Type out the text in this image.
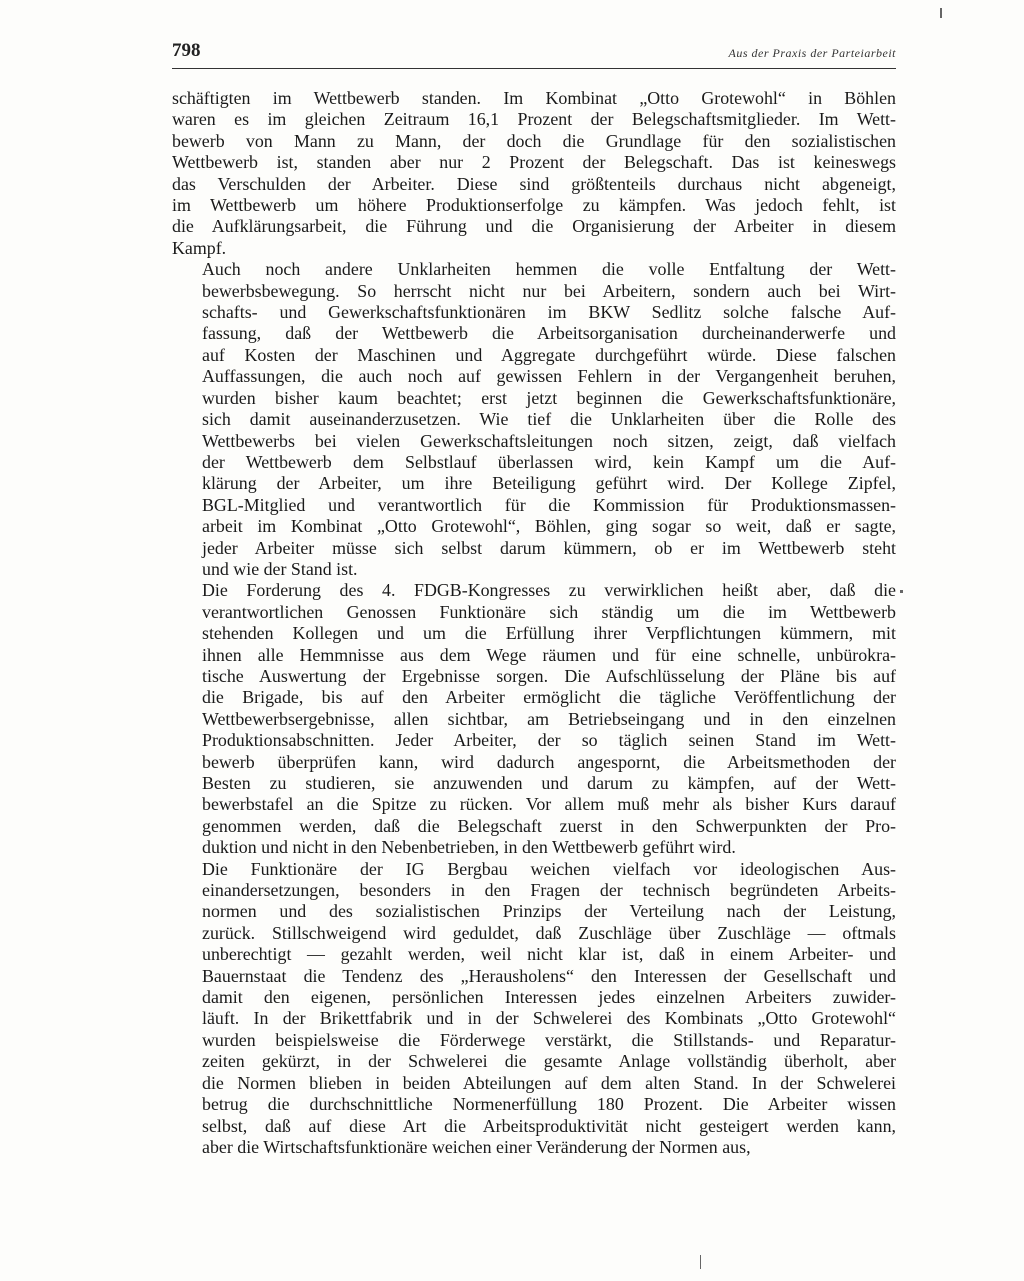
798	Aus der Praxis der Parteiarbeit

schäftigten im Wettbewerb standen. Im Kombinat „Otto Grotewohl“ in Böhlen
waren es im gleichen Zeitraum 16,1 Prozent der Belegschaftsmitglieder. Im Wett-
bewerb von Mann zu Mann, der doch die Grundlage für den sozialistischen
Wettbewerb ist, standen aber nur 2 Prozent der Belegschaft. Das ist keineswegs
das Verschulden der Arbeiter. Diese sind größtenteils durchaus nicht abgeneigt,
im Wettbewerb um höhere Produktionserfolge zu kämpfen. Was jedoch fehlt, ist
die Aufklärungsarbeit, die Führung und die Organisierung der Arbeiter in diesem
Kampf.

Auch noch andere Unklarheiten hemmen die volle Entfaltung der Wett-
bewerbsbewegung. So herrscht nicht nur bei Arbeitern, sondern auch bei Wirt-
schafts- und Gewerkschaftsfunktionären im BKW Sedlitz solche falsche Auf-
fassung, daß der Wettbewerb die Arbeitsorganisation durcheinanderwerfe und
auf Kosten der Maschinen und Aggregate durchgeführt würde. Diese falschen
Auffassungen, die auch noch auf gewissen Fehlern in der Vergangenheit beruhen,
wurden bisher kaum beachtet; erst jetzt beginnen die Gewerkschaftsfunktionäre,
sich damit auseinanderzusetzen. Wie tief die Unklarheiten über die Rolle des
Wettbewerbs bei vielen Gewerkschaftsleitungen noch sitzen, zeigt, daß vielfach
der Wettbewerb dem Selbstlauf überlassen wird, kein Kampf um die Auf-
klärung der Arbeiter, um ihre Beteiligung geführt wird. Der Kollege Zipfel,
BGL-Mitglied und verantwortlich für die Kommission für Produktionsmassen-
arbeit im Kombinat „Otto Grotewohl“, Böhlen, ging sogar so weit, daß er sagte,
jeder Arbeiter müsse sich selbst darum kümmern, ob er im Wettbewerb steht
und wie der Stand ist.

Die Forderung des 4. FDGB-Kongresses zu verwirklichen heißt aber, daß die
verantwortlichen Genossen Funktionäre sich ständig um die im Wettbewerb
stehenden Kollegen und um die Erfüllung ihrer Verpflichtungen kümmern, mit
ihnen alle Hemmnisse aus dem Wege räumen und für eine schnelle, unbürokra-
tische Auswertung der Ergebnisse sorgen. Die Aufschlüsselung der Pläne bis auf
die Brigade, bis auf den Arbeiter ermöglicht die tägliche Veröffentlichung der
Wettbewerbsergebnisse, allen sichtbar, am Betriebseingang und in den einzelnen
Produktionsabschnitten. Jeder Arbeiter, der so täglich seinen Stand im Wett-
bewerb überprüfen kann, wird dadurch angespornt, die Arbeitsmethoden der
Besten zu studieren, sie anzuwenden und darum zu kämpfen, auf der Wett-
bewerbstafel an die Spitze zu rücken. Vor allem muß mehr als bisher Kurs darauf
genommen werden, daß die Belegschaft zuerst in den Schwerpunkten der Pro-
duktion und nicht in den Nebenbetrieben, in den Wettbewerb geführt wird.

Die Funktionäre der IG Bergbau weichen vielfach vor ideologischen Aus-
einandersetzungen, besonders in den Fragen der technisch begründeten Arbeits-
normen und des sozialistischen Prinzips der Verteilung nach der Leistung,
zurück. Stillschweigend wird geduldet, daß Zuschläge über Zuschläge — oftmals
unberechtigt — gezahlt werden, weil nicht klar ist, daß in einem Arbeiter- und
Bauernstaat die Tendenz des „Herausholens“ den Interessen der Gesellschaft und
damit den eigenen, persönlichen Interessen jedes einzelnen Arbeiters zuwider-
läuft. In der Brikettfabrik und in der Schwelerei des Kombinats „Otto Grotewohl“
wurden beispielsweise die Förderwege verstärkt, die Stillstands- und Reparatur-
zeiten gekürzt, in der Schwelerei die gesamte Anlage vollständig überholt, aber
die Normen blieben in beiden Abteilungen auf dem alten Stand. In der Schwelerei
betrug die durchschnittliche Normenerfüllung 180 Prozent. Die Arbeiter wissen
selbst, daß auf diese Art die Arbeitsproduktivität nicht gesteigert werden kann,
aber die Wirtschaftsfunktionäre weichen einer Veränderung der Normen aus,
